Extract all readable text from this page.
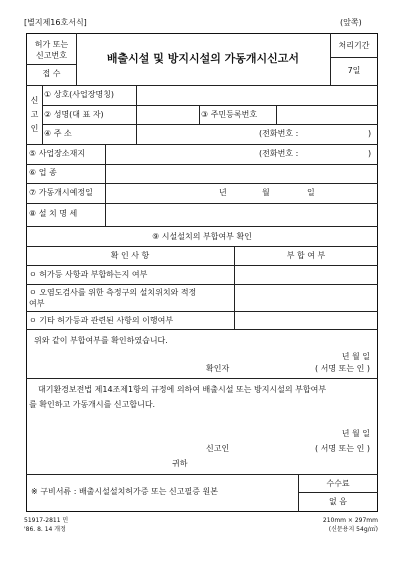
[별지제16호서식]	(앞쪽)
허가 또는
신고번호
접 수
배출시설 및 방지시설의 가동개시신고서
처리기간
7일
신
고
인
① 상호(사업장명칭)
② 성명(대 표 자)	③ 주민등록번호
④ 주 소	(전화번호 :	)
⑤ 사업장소재지	(전화번호 :	)
⑥ 업 종
⑦ 가동개시예정일	년	월	일
⑧ 설 치 명 세
⑨ 시설설치의 부합여부 확인
확 인 사 항	부 합 여 부
ㅇ 허가등 사항과 부합하는지 여부
ㅇ 오염도검사를 위한 측정구의 설치위치와 적정
여부
ㅇ 기타 허가등과 관련된 사항의 이행여부
위와 같이 부합여부를 확인하였습니다.
년 월 일
확인자	( 서명 또는 인 )
대기환경보전법 제14조제1항의 규정에 의하여 배출시설 또는 방지시설의 부합여부
를 확인하고 가동개시를 신고합니다.
년 월 일
신고인	( 서명 또는 인 )
귀하
※ 구비서류 : 배출시설설치허가증 또는 신고필증 원본
수수료
없 음
51917-2811 민
'86. 8. 14 개정
210mm × 297mm
(신문용지 54g/㎡)
